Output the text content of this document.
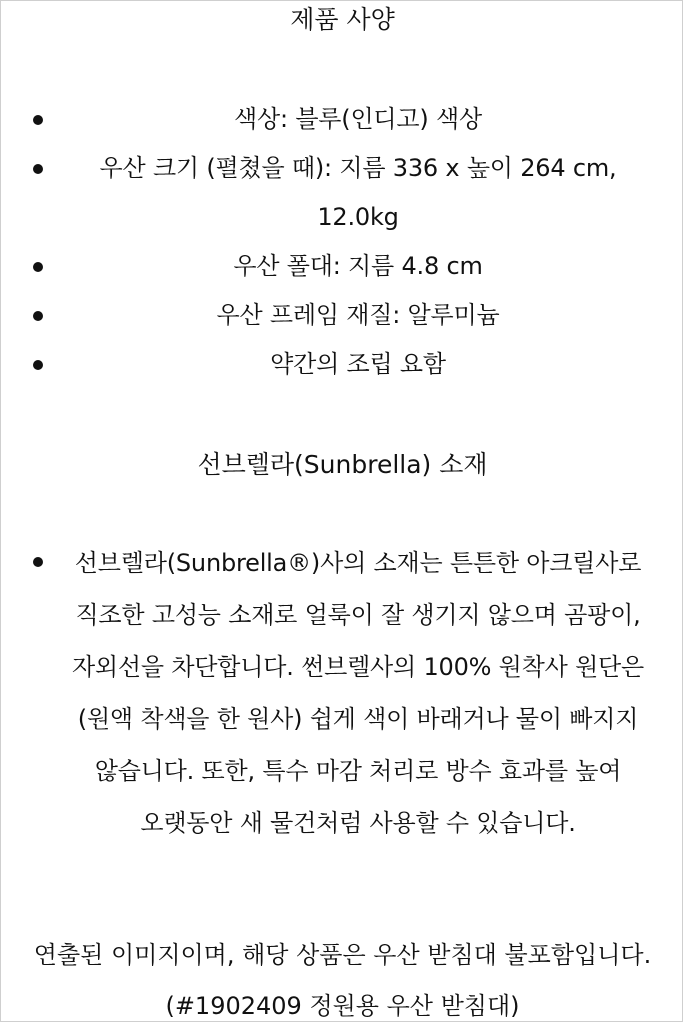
제품 사양
색상: 블루(인디고) 색상
우산 크기 (펼쳤을 때): 지름 336 x 높이 264 cm, 12.0kg
우산 폴대: 지름 4.8 cm
우산 프레임 재질: 알루미늄
약간의 조립 요함
선브렐라(Sunbrella) 소재
선브렐라(Sunbrella®)사의 소재는 튼튼한 아크릴사로 직조한 고성능 소재로 얼룩이 잘 생기지 않으며 곰팡이, 자외선을 차단합니다. 썬브렐사의 100% 원착사 원단은 (원액 착색을 한 원사) 쉽게 색이 바래거나 물이 빠지지 않습니다. 또한, 특수 마감 처리로 방수 효과를 높여 오랫동안 새 물건처럼 사용할 수 있습니다.
연출된 이미지이며, 해당 상품은 우산 받침대 불포함입니다. (#1902409 정원용 우산 받침대)
